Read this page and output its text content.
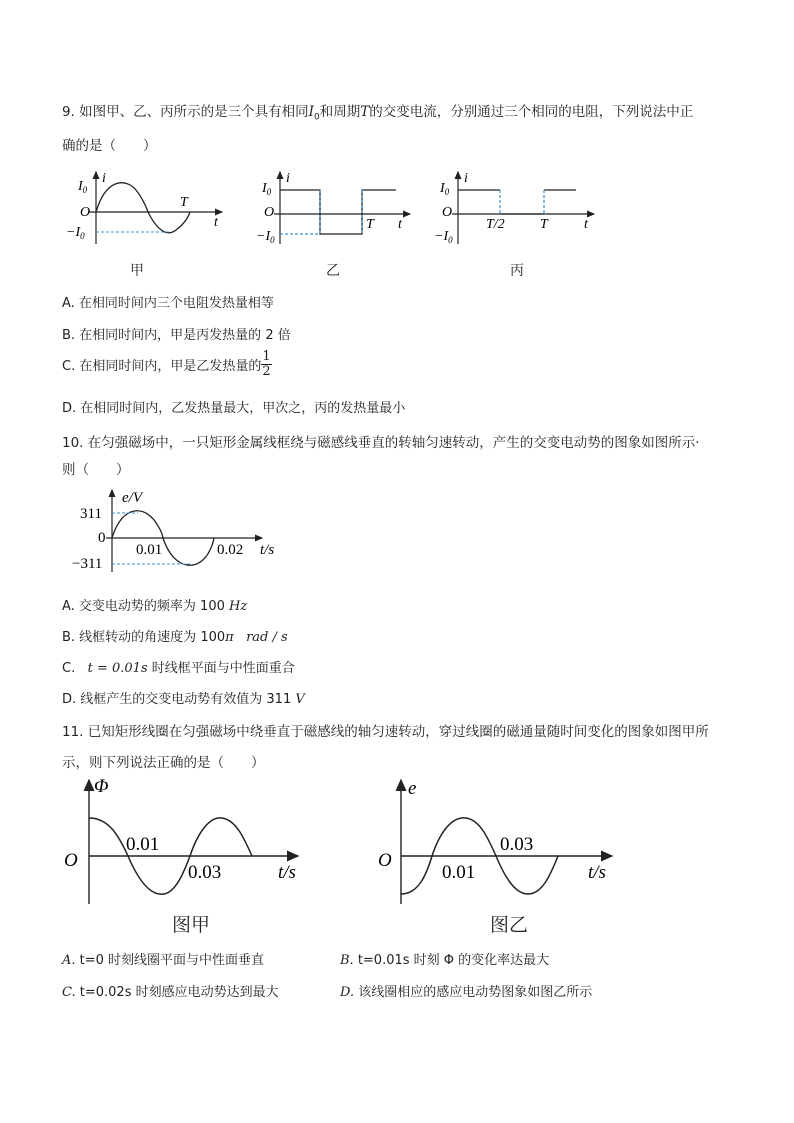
9. 如图甲、乙、丙所示的是三个具有相同$I_0$和周期T的交变电流，分别通过三个相同的电阻，下列说法中正
确的是（　　）
$I_0$
O
$-I_0$
i
t
T
$I_0$
O
$-I_0$
i
t
T
$I_0$
O
$-I_0$
i
t
T/2	T
甲	乙	丙
A. 在相同时间内三个电阻发热量相等
B. 在相同时间内，甲是丙发热量的 2 倍
C. 在相同时间内，甲是乙发热量的 $\frac{1}{2}$
D. 在相同时间内，乙发热量最大，甲次之，丙的发热量最小
10. 在匀强磁场中，一只矩形金属线框绕与磁感线垂直的转轴匀速转动，产生的交变电动势的图象如图所示·
则（　　）
e/V
311
0
−311
0.01	0.02 t/s
A. 交变电动势的频率为 100 Hz
B. 线框转动的角速度为 100π rad / s
C. t = 0.01s 时线框平面与中性面重合
D. 线框产生的交变电动势有效值为 311 V
11. 已知矩形线圈在匀强磁场中绕垂直于磁感线的轴匀速转动，穿过线圈的磁通量随时间变化的图象如图甲所
示，则下列说法正确的是（　　）
Φ
O
0.01
0.03	t/s
图甲
e
O
0.01
0.03
t/s
图乙
A. t=0 时刻线圈平面与中性面垂直	B. t=0.01s 时刻 Φ 的变化率达最大
C. t=0.02s 时刻感应电动势达到最大	D. 该线圈相应的感应电动势图象如图乙所示
